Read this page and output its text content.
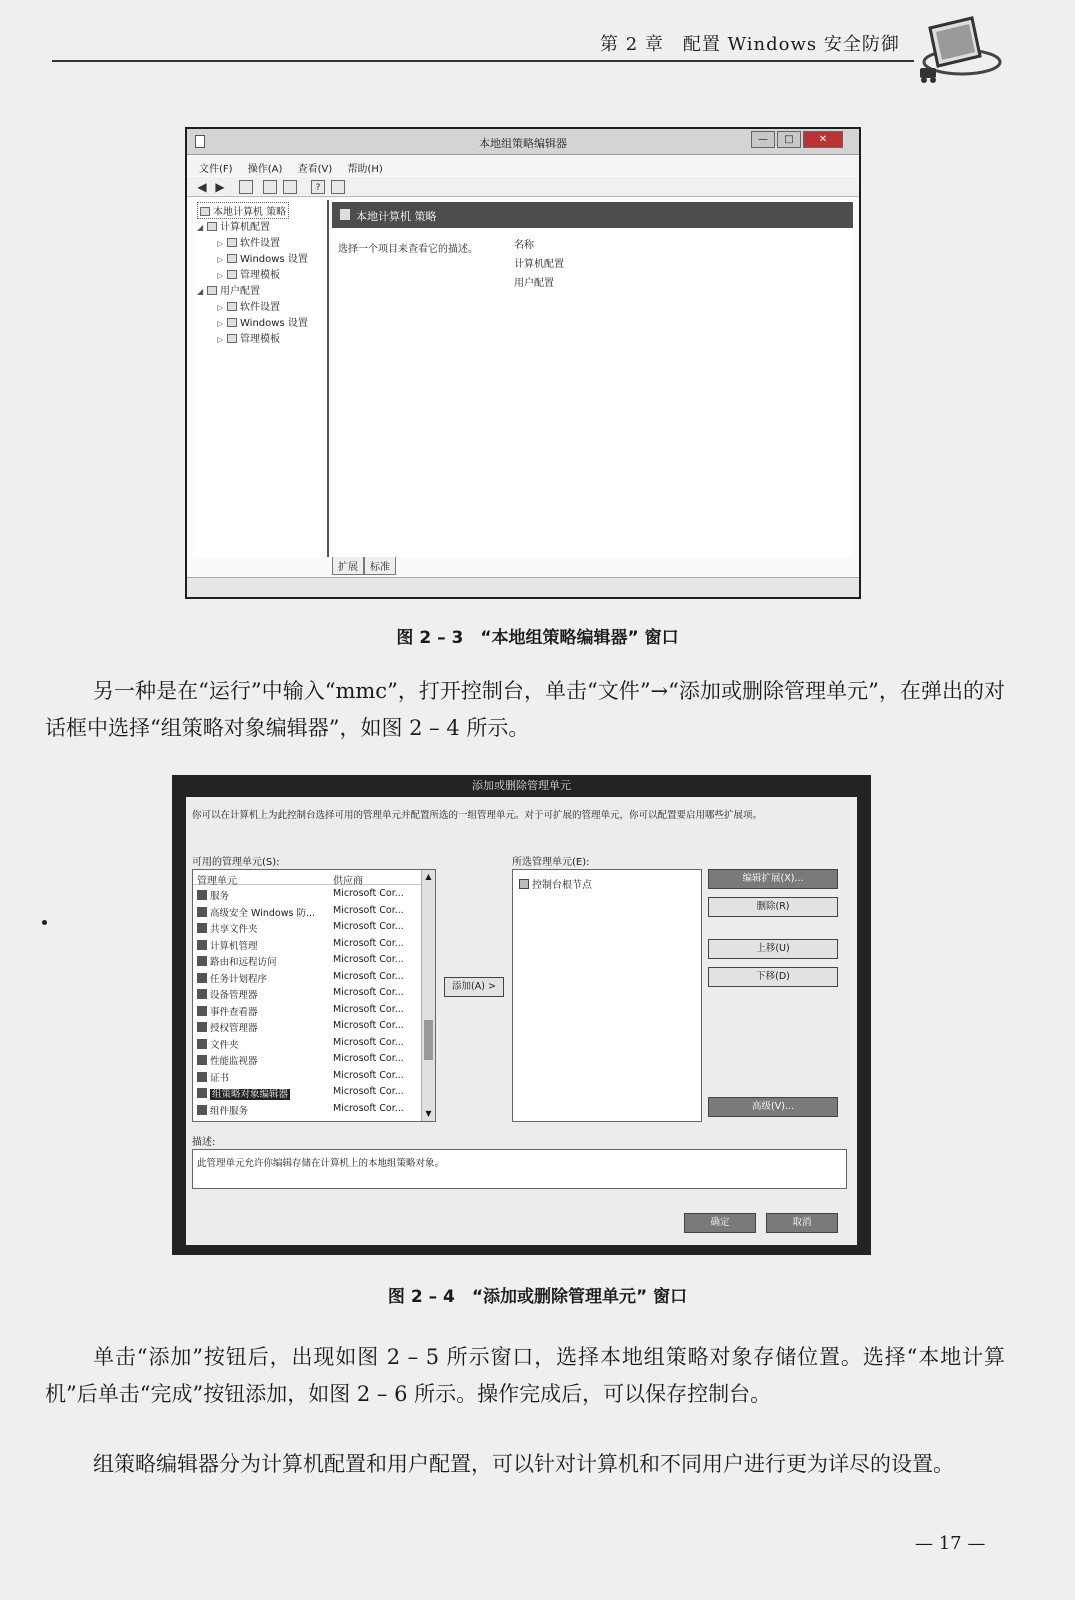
第 2 章　配置 Windows 安全防御
本地组策略编辑器	—	□	✕
文件(F) 操作(A) 查看(V) 帮助(H)
◀ ▶	?
本地计算机 策略
◢ 计算机配置
▷ 软件设置
▷ Windows 设置
▷ 管理模板
◢ 用户配置
▷ 软件设置
▷ Windows 设置
▷ 管理模板
本地计算机 策略
选择一个项目来查看它的描述。	名称
计算机配置
用户配置
扩展 标准
图 2 – 3　“本地组策略编辑器” 窗口
另一种是在“运行”中输入“mmc”，打开控制台，单击“文件”→“添加或删除管理单元”，在弹出的对话框中选择“组策略对象编辑器”，如图 2 – 4 所示。
添加或删除管理单元
你可以在计算机上为此控制台选择可用的管理单元并配置所选的一组管理单元。对于可扩展的管理单元，你可以配置要启用哪些扩展项。
可用的管理单元(S):	所选管理单元(E):
管理单元	供应商
服务	Microsoft Cor...
高级安全 Windows 防... Microsoft Cor...
共享文件夹	Microsoft Cor...
计算机管理	Microsoft Cor...
路由和远程访问	Microsoft Cor...
任务计划程序	Microsoft Cor...
设备管理器	Microsoft Cor...
事件查看器	Microsoft Cor...
授权管理器	Microsoft Cor...
文件夹	Microsoft Cor...
性能监视器	Microsoft Cor...
证书	Microsoft Cor...
组策略对象编辑器	Microsoft Cor...
组件服务	Microsoft Cor...
▲
▼
添加(A) >
控制台根节点
编辑扩展(X)...
删除(R)
上移(U)
下移(D)
高级(V)...
描述:
此管理单元允许你编辑存储在计算机上的本地组策略对象。
确定	取消
图 2 – 4　“添加或删除管理单元” 窗口
单击“添加”按钮后，出现如图 2 – 5 所示窗口，选择本地组策略对象存储位置。选择“本地计算机”后单击“完成”按钮添加，如图 2 – 6 所示。操作完成后，可以保存控制台。
组策略编辑器分为计算机配置和用户配置，可以针对计算机和不同用户进行更为详尽的设置。
— 17 —
